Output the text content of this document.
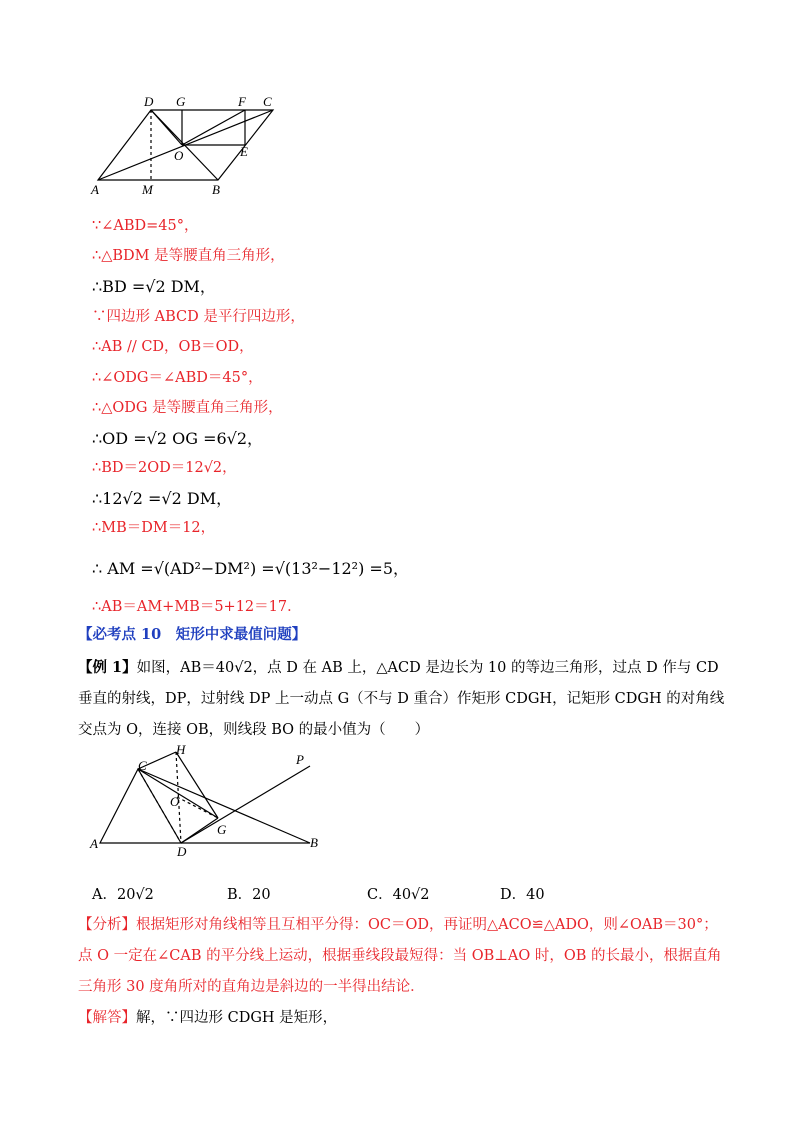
D G	F C
O	E
A	M	B
∵∠ABD=45°，
∴△BDM 是等腰直角三角形，
∴BD =√2 DM，
∵四边形 ABCD 是平行四边形，
∴AB // CD，OB＝OD，
∴∠ODG＝∠ABD＝45°，
∴△ODG 是等腰直角三角形，
∴OD =√2 OG =6√2，
∴BD＝2OD＝12√2，
∴12√2 =√2 DM，
∴MB＝DM＝12，
∴ AM =√(AD²−DM²) =√(13²−12²) =5，
∴AB＝AM+MB＝5+12＝17．
【必考点 10　矩形中求最值问题】
【例 1】如图，AB＝40√2，点 D 在 AB 上，△ACD 是边长为 10 的等边三角形，过点 D 作与 CD 垂直的射线，DP，过射线 DP 上一动点 G（不与 D 重合）作矩形 CDGH，记矩形 CDGH 的对角线交点为 O，连接 OB，则线段 BO 的最小值为（　　）
H
C	P
O
G
A
D
B
A．20√2	B．20	C．40√2	D．40
【分析】根据矩形对角线相等且互相平分得：OC＝OD，再证明△ACO≌△ADO，则∠OAB＝30°；点 O 一定在∠CAB 的平分线上运动，根据垂线段最短得：当 OB⊥AO 时，OB 的长最小，根据直角三角形 30 度角所对的直角边是斜边的一半得出结论．
【解答】解，∵四边形 CDGH 是矩形，
